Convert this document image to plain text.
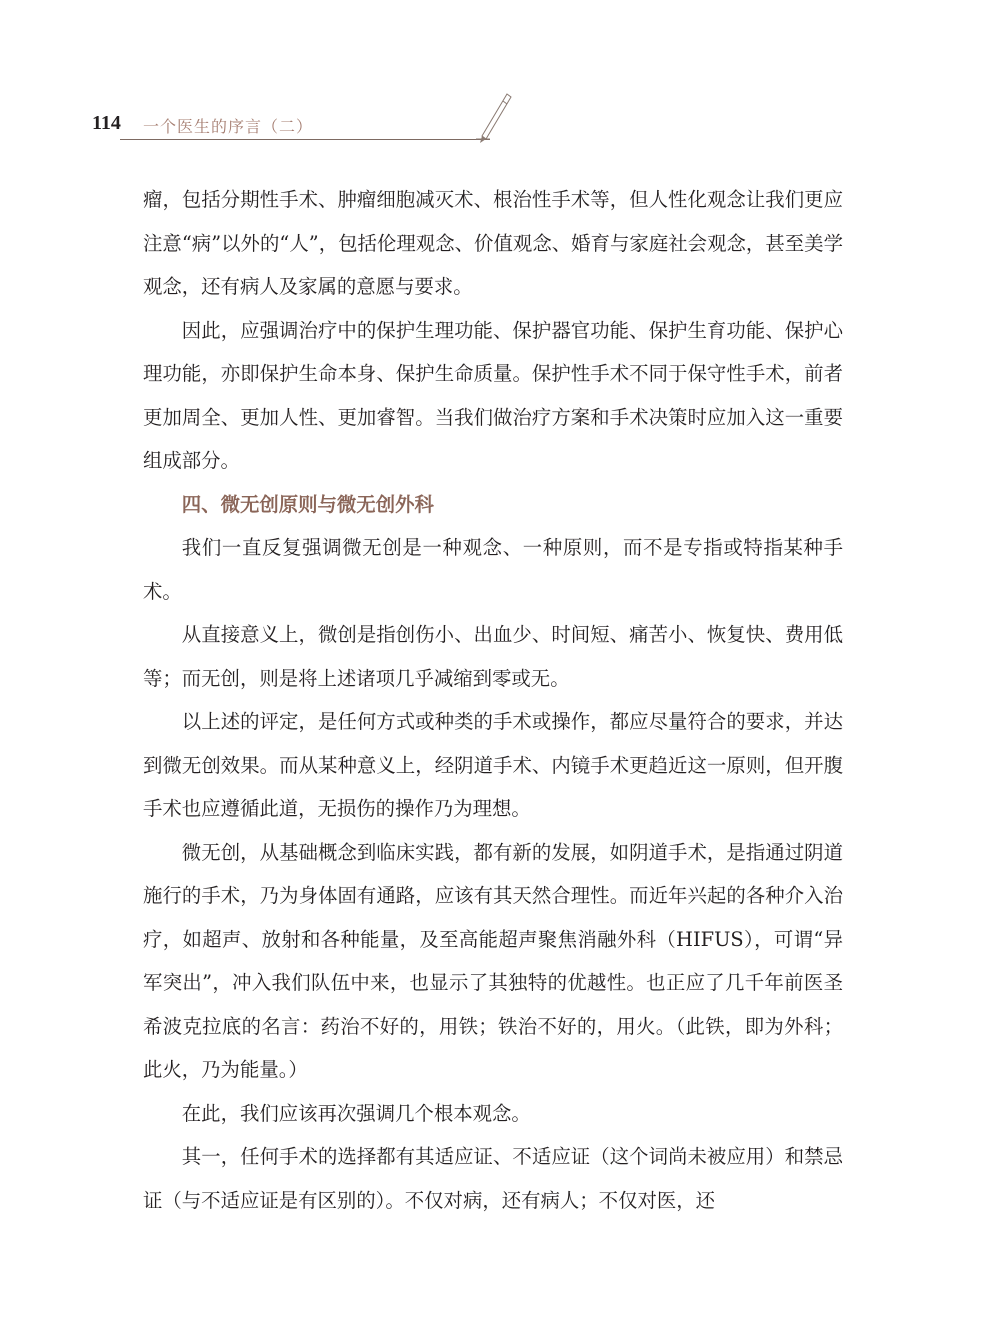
114 一个医生的序言（二）

瘤，包括分期性手术、肿瘤细胞减灭术、根治性手术等，但人性化观念让我们更应注意“病”以外的“人”，包括伦理观念、价值观念、婚育与家庭社会观念，甚至美学观念，还有病人及家属的意愿与要求。

因此，应强调治疗中的保护生理功能、保护器官功能、保护生育功能、保护心理功能，亦即保护生命本身、保护生命质量。保护性手术不同于保守性手术，前者更加周全、更加人性、更加睿智。当我们做治疗方案和手术决策时应加入这一重要组成部分。

四、微无创原则与微无创外科

我们一直反复强调微无创是一种观念、一种原则，而不是专指或特指某种手术。

从直接意义上，微创是指创伤小、出血少、时间短、痛苦小、恢复快、费用低等；而无创，则是将上述诸项几乎减缩到零或无。

以上述的评定，是任何方式或种类的手术或操作，都应尽量符合的要求，并达到微无创效果。而从某种意义上，经阴道手术、内镜手术更趋近这一原则，但开腹手术也应遵循此道，无损伤的操作乃为理想。

微无创，从基础概念到临床实践，都有新的发展，如阴道手术，是指通过阴道施行的手术，乃为身体固有通路，应该有其天然合理性。而近年兴起的各种介入治疗，如超声、放射和各种能量，及至高能超声聚焦消融外科（HIFUS），可谓“异军突出”，冲入我们队伍中来，也显示了其独特的优越性。也正应了几千年前医圣希波克拉底的名言：药治不好的，用铁；铁治不好的，用火。（此铁，即为外科；此火，乃为能量。）

在此，我们应该再次强调几个根本观念。

其一，任何手术的选择都有其适应证、不适应证（这个词尚未被应用）和禁忌证（与不适应证是有区别的）。不仅对病，还有病人；不仅对医，还
